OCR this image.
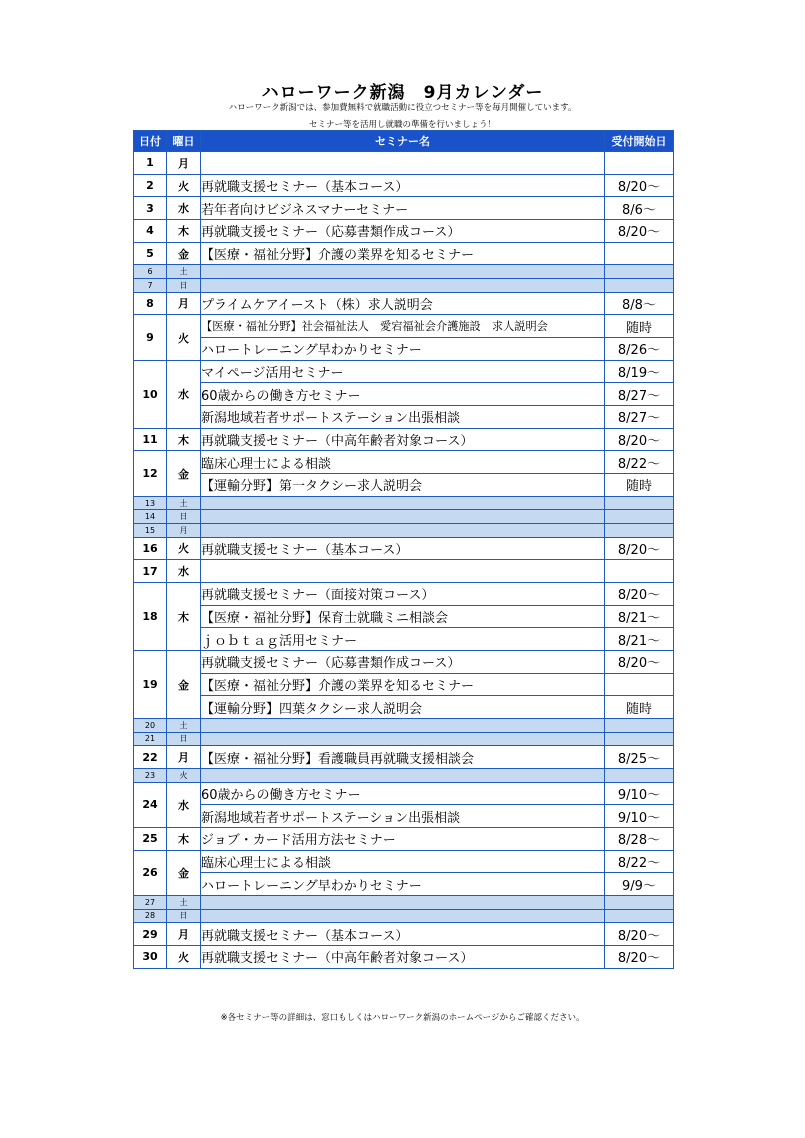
ハローワーク新潟　9月カレンダー
ハローワーク新潟では、参加費無料で就職活動に役立つセミナー等を毎月開催しています。
セミナー等を活用し就職の準備を行いましょう！
日付	曜日	セミナー名	受付開始日
1	月		
2	火	再就職支援セミナー（基本コース）	8/20～
3	水	若年者向けビジネスマナーセミナー	8/6～
4	木	再就職支援セミナー（応募書類作成コース）	8/20～
5	金	【医療・福祉分野】介護の業界を知るセミナー	
6	土		
7	日		
8	月	プライムケアイースト（株）求人説明会	8/8～
9	火	【医療・福祉分野】社会福祉法人　愛宕福祉会介護施設　求人説明会	随時
		ハロートレーニング早わかりセミナー	8/26～
10	水	マイページ活用セミナー	8/19～
		60歳からの働き方セミナー	8/27～
		新潟地域若者サポートステーション出張相談	8/27～
11	木	再就職支援セミナー（中高年齢者対象コース）	8/20～
12	金	臨床心理士による相談	8/22～
		【運輸分野】第一タクシー求人説明会	随時
13	土		
14	日		
15	月		
16	火	再就職支援セミナー（基本コース）	8/20～
17	水		
18	木	再就職支援セミナー（面接対策コース）	8/20～
		【医療・福祉分野】保育士就職ミニ相談会	8/21～
		ｊｏｂｔａｇ活用セミナー	8/21～
19	金	再就職支援セミナー（応募書類作成コース）	8/20～
		【医療・福祉分野】介護の業界を知るセミナー	
		【運輸分野】四葉タクシー求人説明会	随時
20	土		
21	日		
22	月	【医療・福祉分野】看護職員再就職支援相談会	8/25～
23	火		
24	水	60歳からの働き方セミナー	9/10～
		新潟地域若者サポートステーション出張相談	9/10～
25	木	ジョブ・カード活用方法セミナー	8/28～
26	金	臨床心理士による相談	8/22～
		ハロートレーニング早わかりセミナー	9/9～
27	土		
28	日		
29	月	再就職支援セミナー（基本コース）	8/20～
30	火	再就職支援セミナー（中高年齢者対象コース）	8/20～
※各セミナー等の詳細は、窓口もしくはハローワーク新潟のホームページからご確認ください。
